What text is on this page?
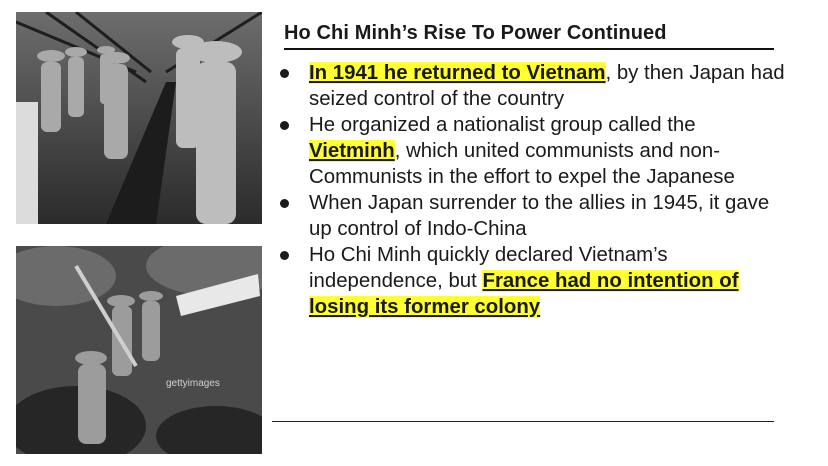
gettyimages
Ho Chi Minh’s Rise To Power Continued
In 1941 he returned to Vietnam, by then Japan had seized control of the country
He organized a nationalist group called the Vietminh, which united communists and non-Communists in the effort to expel the Japanese
When Japan surrender to the allies in 1945, it gave up control of Indo-China
Ho Chi Minh quickly declared Vietnam’s independence, but France had no intention of losing its former colony
